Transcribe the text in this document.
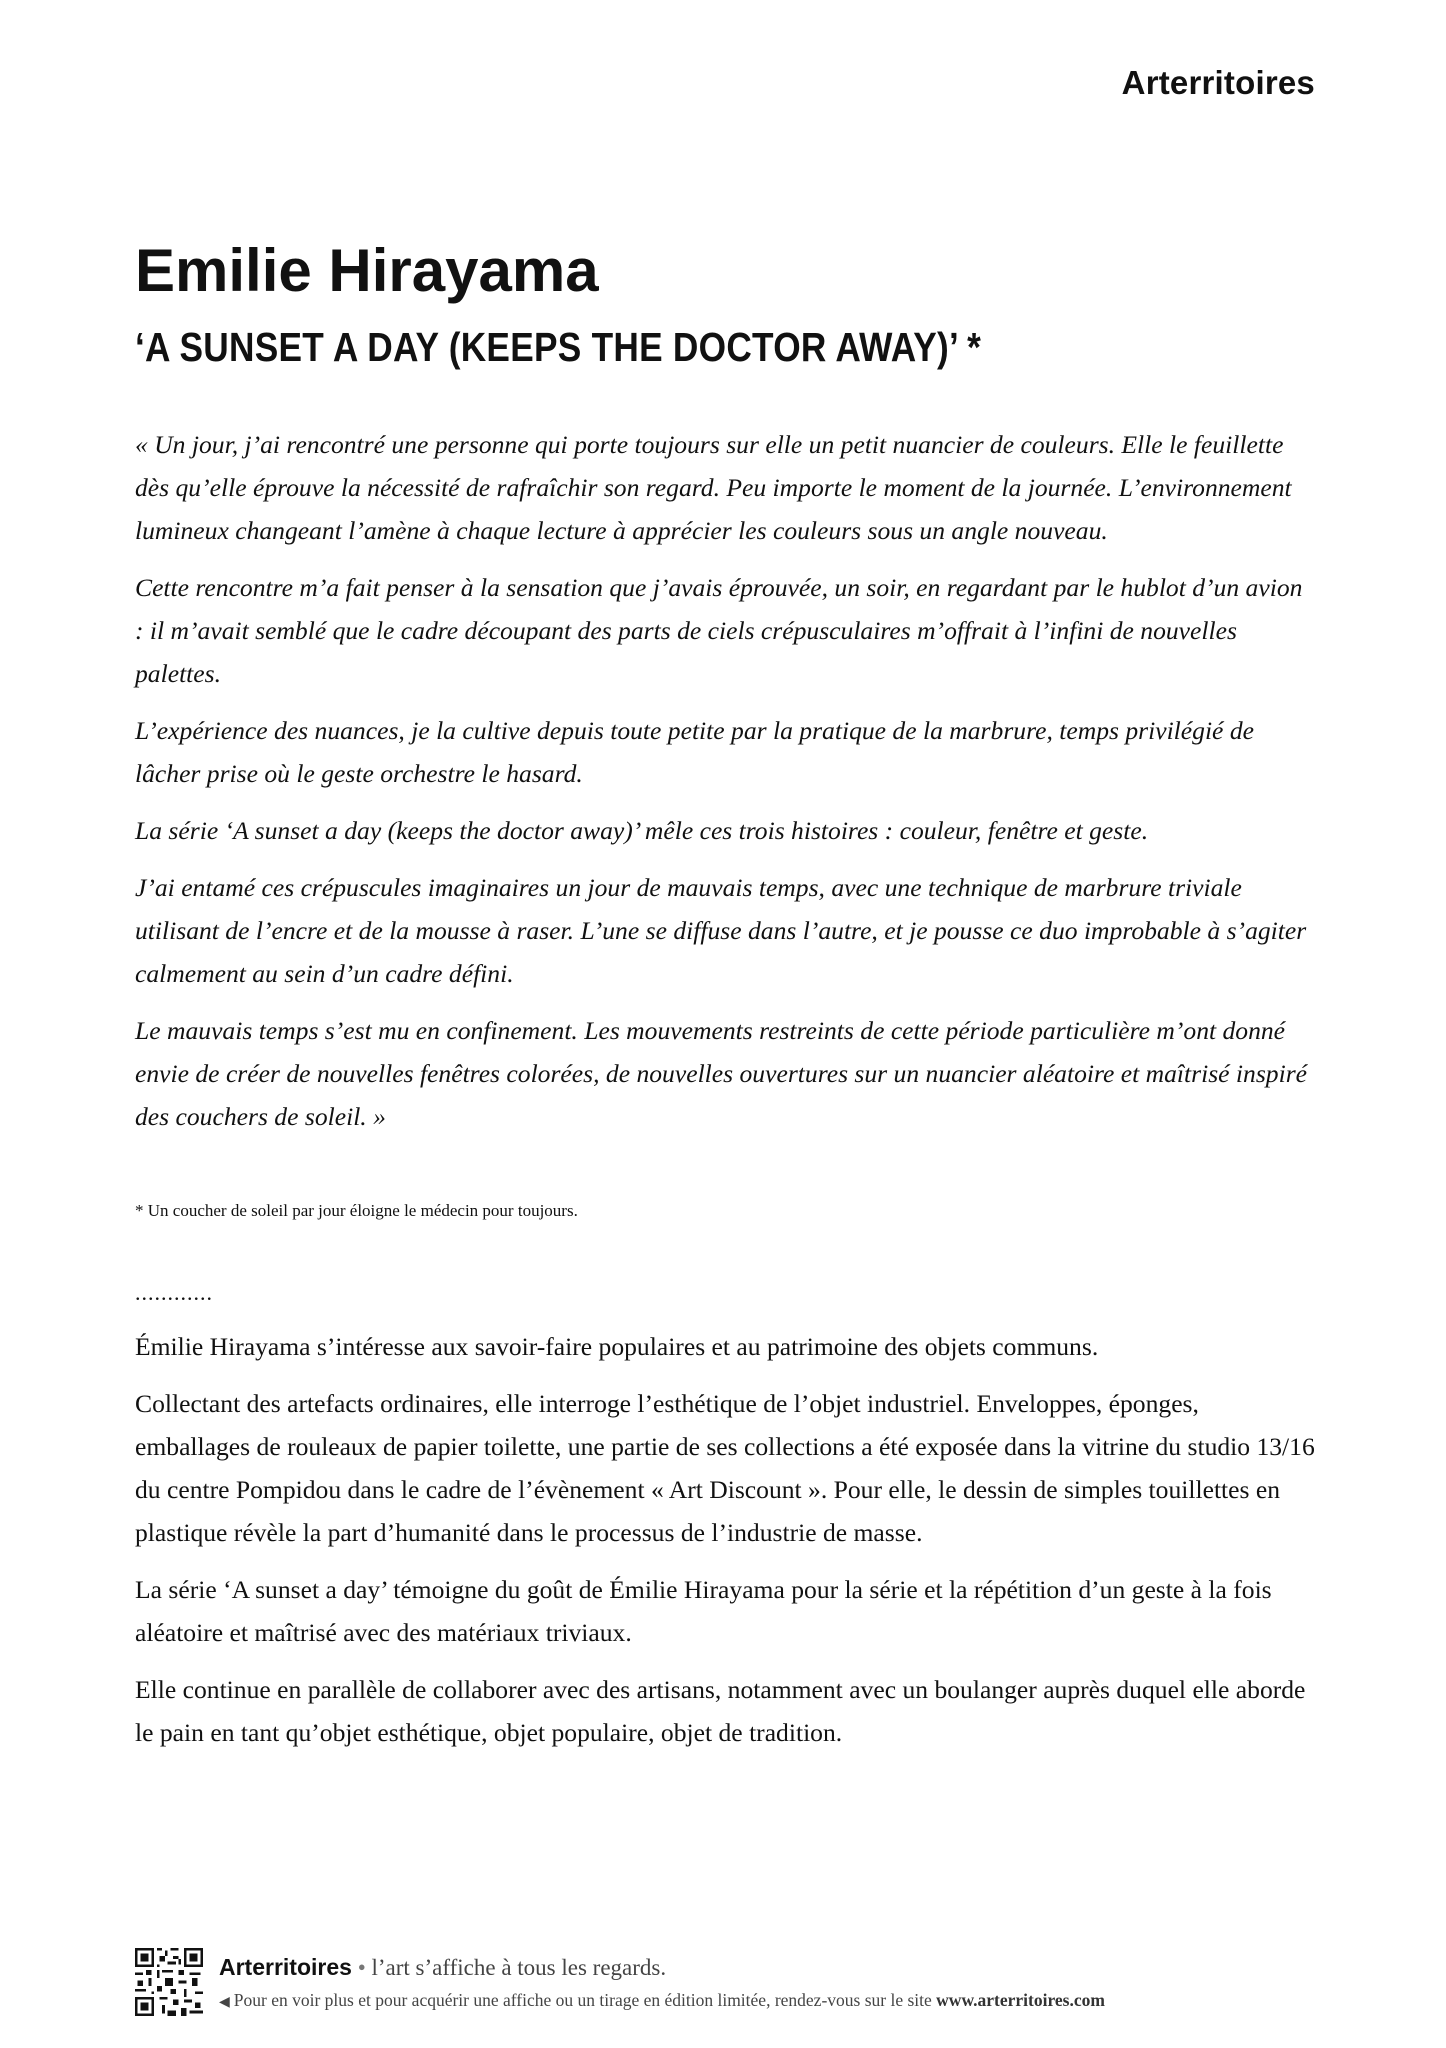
Arterritoires
Emilie Hirayama
‘A SUNSET A DAY (KEEPS THE DOCTOR AWAY)’ *

« Un jour, j’ai rencontré une personne qui porte toujours sur elle un petit nuancier de couleurs. Elle le feuillette dès qu’elle éprouve la nécessité de rafraîchir son regard. Peu importe le moment de la journée. L’environnement lumineux changeant l’amène à chaque lecture à apprécier les couleurs sous un angle nouveau.

Cette rencontre m’a fait penser à la sensation que j’avais éprouvée, un soir, en regardant par le hublot d’un avion : il m’avait semblé que le cadre découpant des parts de ciels crépusculaires m’offrait à l’infini de nouvelles palettes.

L’expérience des nuances, je la cultive depuis toute petite par la pratique de la marbrure, temps privilégié de lâcher prise où le geste orchestre le hasard.

La série ‘A sunset a day (keeps the doctor away)’ mêle ces trois histoires : couleur, fenêtre et geste.

J’ai entamé ces crépuscules imaginaires un jour de mauvais temps, avec une technique de marbrure triviale utilisant de l’encre et de la mousse à raser. L’une se diffuse dans l’autre, et je pousse ce duo improbable à s’agiter calmement au sein d’un cadre défini.

Le mauvais temps s’est mu en confinement. Les mouvements restreints de cette période particulière m’ont donné envie de créer de nouvelles fenêtres colorées, de nouvelles ouvertures sur un nuancier aléatoire et maîtrisé inspiré des couchers de soleil. »

* Un coucher de soleil par jour éloigne le médecin pour toujours.
............

Émilie Hirayama s’intéresse aux savoir-faire populaires et au patrimoine des objets communs.

Collectant des artefacts ordinaires, elle interroge l’esthétique de l’objet industriel. Enveloppes, éponges, emballages de rouleaux de papier toilette, une partie de ses collections a été exposée dans la vitrine du studio 13/16 du centre Pompidou dans le cadre de l’évènement « Art Discount ». Pour elle, le dessin de simples touillettes en plastique révèle la part d’humanité dans le processus de l’industrie de masse.

La série ‘A sunset a day’ témoigne du goût de Émilie Hirayama pour la série et la répétition d’un geste à la fois aléatoire et maîtrisé avec des matériaux triviaux.

Elle continue en parallèle de collaborer avec des artisans, notamment avec un boulanger auprès duquel elle aborde le pain en tant qu’objet esthétique, objet populaire, objet de tradition.

Arterritoires • l’art s’affiche à tous les regards.
◀ Pour en voir plus et pour acquérir une affiche ou un tirage en édition limitée, rendez-vous sur le site www.arterritoires.com
